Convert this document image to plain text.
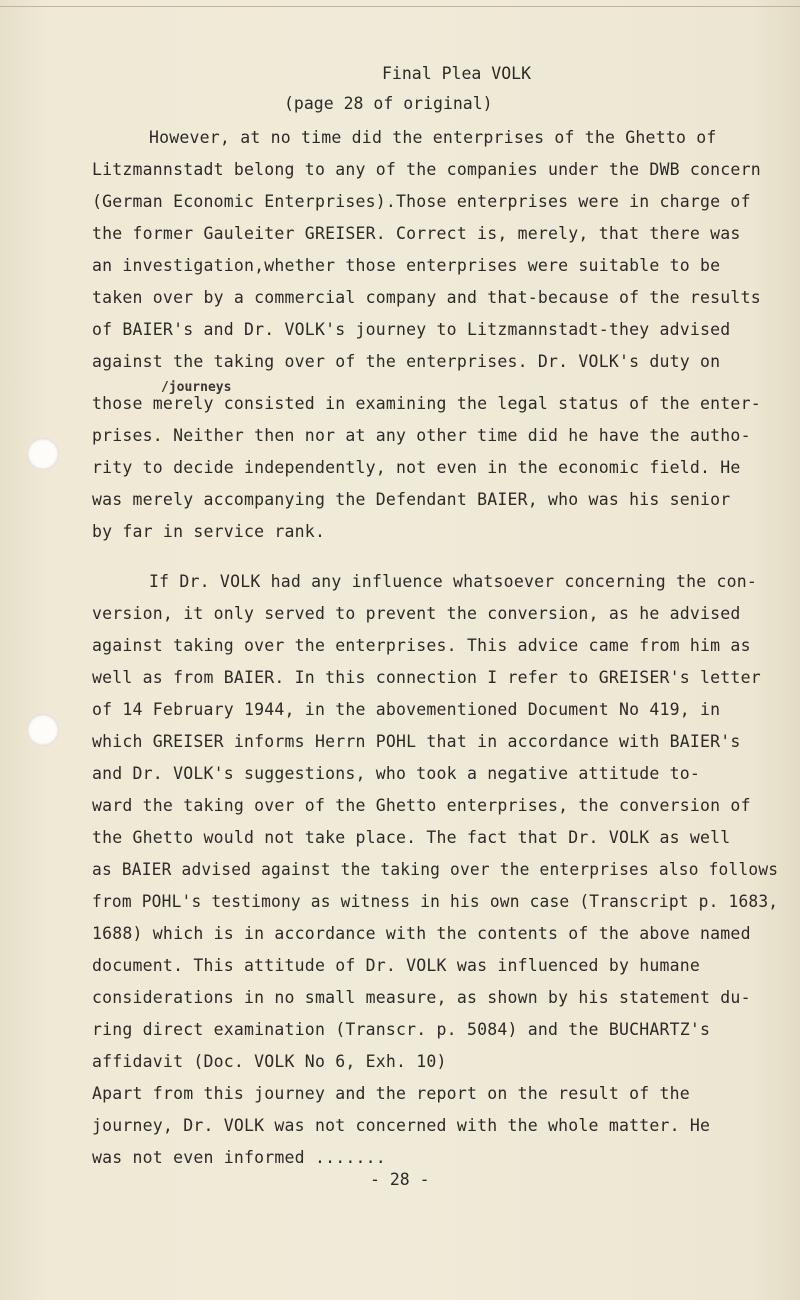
Final Plea VOLK
(page 28 of original)
However, at no time did the enterprises of the Ghetto of
Litzmannstadt belong to any of the companies under the DWB concern
(German Economic Enterprises).Those enterprises were in charge of
the former Gauleiter GREISER. Correct is, merely, that there was
an investigation,whether those enterprises were suitable to be
taken over by a commercial company and that-because of the results
of BAIER's and Dr. VOLK's journey to Litzmannstadt-they advised
against the taking over of the enterprises. Dr. VOLK's duty on
/journeys
those merely consisted in examining the legal status of the enter-
prises. Neither then nor at any other time did he have the autho-
rity to decide independently, not even in the economic field. He
was merely accompanying the Defendant BAIER, who was his senior
by far in service rank.
If Dr. VOLK had any influence whatsoever concerning the con-
version, it only served to prevent the conversion, as he advised
against taking over the enterprises. This advice came from him as
well as from BAIER. In this connection I refer to GREISER's letter
of 14 February 1944, in the abovementioned Document No 419, in
which GREISER informs Herrn POHL that in accordance with BAIER's
and Dr. VOLK's suggestions, who took a negative attitude to-
ward the taking over of the Ghetto enterprises, the conversion of
the Ghetto would not take place. The fact that Dr. VOLK as well
as BAIER advised against the taking over the enterprises also follows
from POHL's testimony as witness in his own case (Transcript p. 1683,
1688) which is in accordance with the contents of the above named
document. This attitude of Dr. VOLK was influenced by humane
considerations in no small measure, as shown by his statement du-
ring direct examination (Transcr. p. 5084) and the BUCHARTZ's
affidavit (Doc. VOLK No 6, Exh. 10)
Apart from this journey and the report on the result of the
journey, Dr. VOLK was not concerned with the whole matter. He
was not even informed .......
- 28 -
